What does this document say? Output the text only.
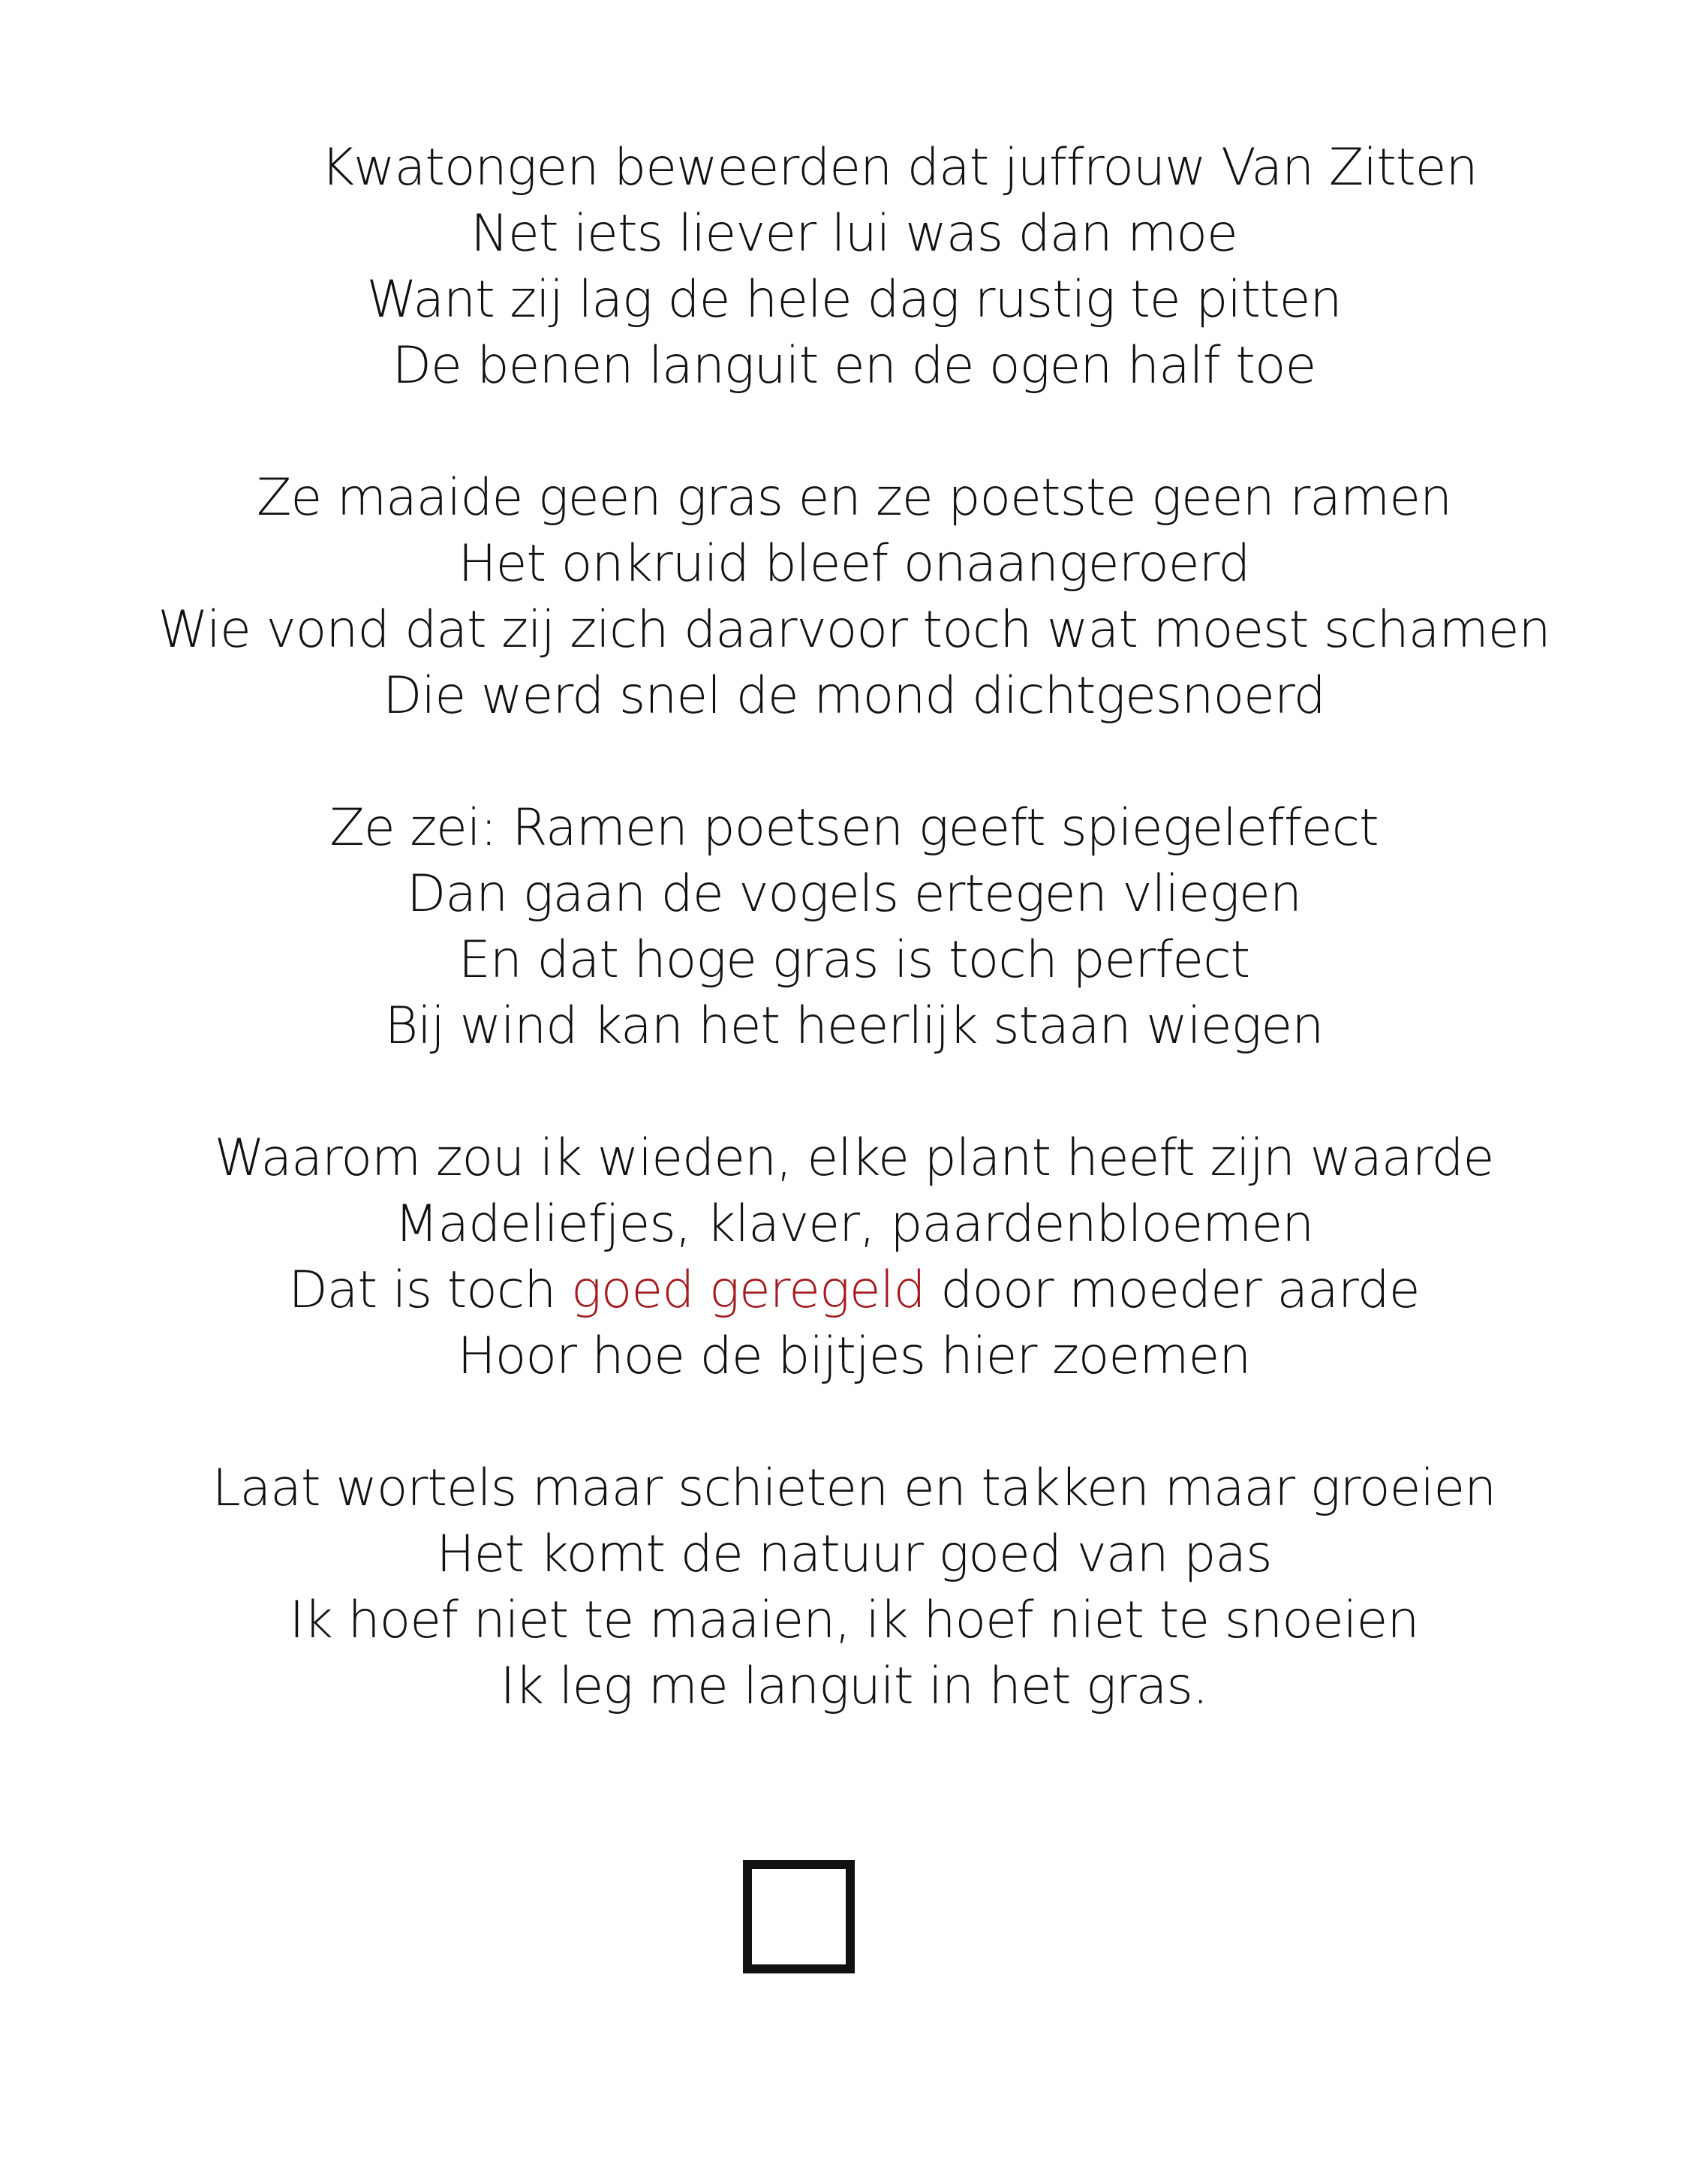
Kwatongen beweerden dat juffrouw Van Zitten
Net iets liever lui was dan moe
Want zij lag de hele dag rustig te pitten
De benen languit en de ogen half toe
Ze maaide geen gras en ze poetste geen ramen
Het onkruid bleef onaangeroerd
Wie vond dat zij zich daarvoor toch wat moest schamen
Die werd snel de mond dichtgesnoerd
Ze zei: Ramen poetsen geeft spiegeleffect
Dan gaan de vogels ertegen vliegen
En dat hoge gras is toch perfect
Bij wind kan het heerlijk staan wiegen
Waarom zou ik wieden, elke plant heeft zijn waarde
Madeliefjes, klaver, paardenbloemen
Dat is toch goed geregeld door moeder aarde
Hoor hoe de bijtjes hier zoemen
Laat wortels maar schieten en takken maar groeien
Het komt de natuur goed van pas
Ik hoef niet te maaien, ik hoef niet te snoeien
Ik leg me languit in het gras.
